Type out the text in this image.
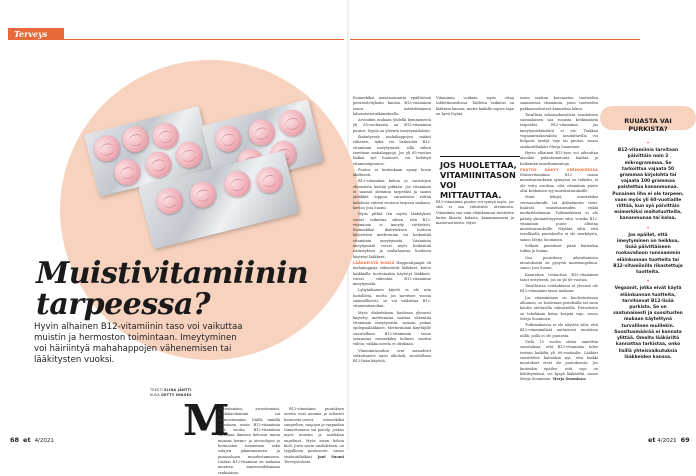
Terveys
Muistivitamiinin
tarpeessa?
Hyvin alhainen B12-vitamiinin taso voi vaikuttaa muistin ja hermoston toimintaan. Imeytyminen voi häiriintyä mahahappojen vähenemisen tai lääkitysten vuoksi.
TEKSTI ELINA JÄNTTI
KUVA GETTY IMAGES
M

uistivitamiini, aivovitamiini, mielialavitamiini tai hermovitamiini. Näillä nimillä kutsutaan usein B12-vitamiinia eikä suotta. B12-vitamiinia tarvitaan ihmisen kehossa muun muassa hermo- ja aivosolujen ja hermoston toimintaan sekä solujen jakautumiseen ja punasolujen muodostumiseen. Lisäksi B12-vitamiini on mukana monissa aineenvaihdunnan reaktioissa.

B12-vitamiinin puutoksen oireita ovat anemia ja erilaiset hermosto-oireet, esimerkiksi suupielten, raajojen ja varpaiden tunnottomuus tai pistely, joskus myös muistin ja mielialan ongelmat. Myös aivan kehon kieli, josta usein unohdetaan, on tyypillinen puutosoire, sanoo sisätautilääkäri Joni Suomi Terveystalosta.

Esimerkiksi muistisairautta epäiltäessä perusselvityksiin kuuluu B12-vitamiinin tason määrittäminen laboratoriotutkimuksella.

Arvioiden mukaan yhdellä kymmenestä yli 65-vuotiaasta on B12-vitamiinin puutos. Syynä on yleensä imeytymishäiriö.

Ikääntyessä mahahappojen määrä vähenee, mikä voi heikentää B12-vitamiinin imeytymistä, sillä siihen tarvitaan mahahappoja. Jos yli 65-vuotias lisäksi syö huonosti, voi kehittyä vitamiininpuutos.

Puutos ei kuitenkaan synny kovin äkillisesti.

B12-vitamiinia kehon ja varastojen elimistöön kestää pitkään. Jos vitamiinia ei saamat alemmin tarpeeksi ja saanti yhtäkkiä loppuu, varastoista riittää kahdesta viiteen vuoteen tarpeen mukaan, kertoo Joni Suomi.

Myös pitkät (tai myös) lääkitykset voivat vaikuttaa siihen, että B12-vitamiinia ei imeydy riittävästi. Esimerkiksi diabeteksen hoitoon käytettävä metformiini voi heikentää vitamiinin imeytymistä. Vitamiinin imeytymistä voivat myös heikentää närästyksen ja mahahaavan hoidossa käytetyt lääkkeet.

LÄÄKKEISTÄ RISKIÄ Happosalpaajat eli mahahappoja vähentävät lääkkeet, kuten kaikkialla tuotteinakin käytetyt lääkkeet, voivat vähentää B12-vitamiinin imeytymistä.

Lyhytaikainen käyttö ei ole niin haitallista, mutta jos tarvitsee vuosia säännöllisesti, se voi vaikuttaa B12-vitamiinitasoihin.

Myös diabeteksen hoidossa yleisesti käytetty metformiini saattaa vähentää vitamiinin imeytymistä, samoin joskus epilepsialääkkeet. Metformiinin käyttäjille suositellaan B12-vitamiinin tason seurantaa esimerkiksi kolmen vuoden välein, vaikka oireita ei olisikaan.

Vitamiinitasoihin ovat saraudesti vaikuttaneet myös alkoholi, suositellaan B12-lisän käyttöä.

Vitamiinia voidaan myös ottaa tablettimuodossa. Tabletin vaikutus on lääkärin kanssa, mutta kaikille sopiva tapa on hyvä löytää.

JOS HUOLETTAA, VITAMIINITASON VOI MITTAUTTAA.

B12-vitamiinin puutos voi syntyä myös, jos sitä ei saa riittävästi ravinnosta. Vitamiinia saa vain eläinkunnan tuotteista kuten lihasta, kalasta, kananmunasta ja maitotuotteista. Myös

usein mattoa korvaavien tuotteiden saamisessa vitamiinia, joten tuotteiden pakkausselosteet kannattaa lukea.

Tavallista sekaruokavaliota noudattava suomalainen saa ruoasta keskimäärin tarpeeksi B12-vitamiinia, jos imeytymishäiriöitä ei ole. Tiukkaa vegaaniruokavaliota noudattavilla voi helposti syntyä vaje tai puutos, sanoo sisätautilääkäri Merja Suominen.

Hyvin alhainen B12-taso voi aiheuttaa aivoihin palautumatonta haittaa ja heikentää muistitoimintoja.

PUUTOS NÄKYY VERIKOKEESSA Muistivitamiinia B12 osana muistisairauksien synnyssä on tutkittu, ei ole voitu osoittaa, että vitamiinin puute olisi keskeinen syy muistisairauksille.

Muut tekijät, esimerkiksi verisuonitaudit tai Alzheimerin tauti, lisäävät muistisairauden riskiä merkittävämmin. Tutkimuksissa ei ole päästy yksimielisyyteen siitä, voisiko B12-vitamiinin puute altistaa muistisairauksille. Näyttää siltä, että tavallisella puutoksella ei ole merkitystä, sanoo Merja Suominen.

Selkeät puutokset pitää kuitenkin tutkia ja hoitaa.

Osa puutoksen aiheuttamista muutoksista on pysyviä muistiongelmia, sanoo Joni Suomi.

Kannattaa testauttaa B12-vitamiinin tasot erityisesti, jos on yli 60-vuotias.

Tavallisissa verikokeissa ei yleensä ole B12-vitamiinin tasoa mukana.

Jos vitamiinitaso on huolestuttavan alhainen, se hoidetaan pistoksilla tai suun kautta otettavilla valmisteilla. Pistoshoito on tehokkain keino korjata vaje, sanoo Merja Suominen.

Tutkimuksissa ei ole näyttöä siitä, että B12-vitamiinilisät auttaisivat muistissa niillä, joilla ei ole puutosta.

Vielä 10 vuotta sitten annettiin suosituksia, että B12-vitamiinia tulee testata kaikilta yli 60-vuotiailta. Lääkäri suosittelee kuitenkin nyt, että kaikki muutokset eivät ole puutoksesta. Jos kuitenkin epäilee, että vaje on kehittymässä, voi kysyä lääkäriltä, sanoo Merja Suominen. Merja Suominen

RUUASTA VAI PURKISTA?

*
B12-vitamiinia tarvitaan päivittäin noin 2 mikrogrammaa. Se tarkoittaa vajaata 50 grammaa kirjolohta tai vajaata 100 grammaa paistettua kananmunaa. Punainen liha ei ole tarpeen, vaan myös yli 60-vuotiaille riittää, kun syö päivittäin esimerkiksi maitotuotteita, kananmunaa tai kalaa.

*
Jos epäilet, että imeytyminen on heikkoa, lisää päivittäiseen ruokavalioon runsaammin eläinkunnan tuotteita tai B12-vitamiinilla rikastettuja tuotteita.

*
Vegaanit, jotka eivät käytä eläinkunnan tuotteita, tarvitsevat B12-lisää purkista. Se on saatunaisesti ja suositusten mukaan käytettynä turvallinen muillekin. Suositusmäärää ei kannata ylittää. Omalta lääkäriltä kannattaa tarkistaa, onko lisillä yhteisvaikutuksia lääkkeiden kanssa.

68 et 4/2021	et 4/2021 69
